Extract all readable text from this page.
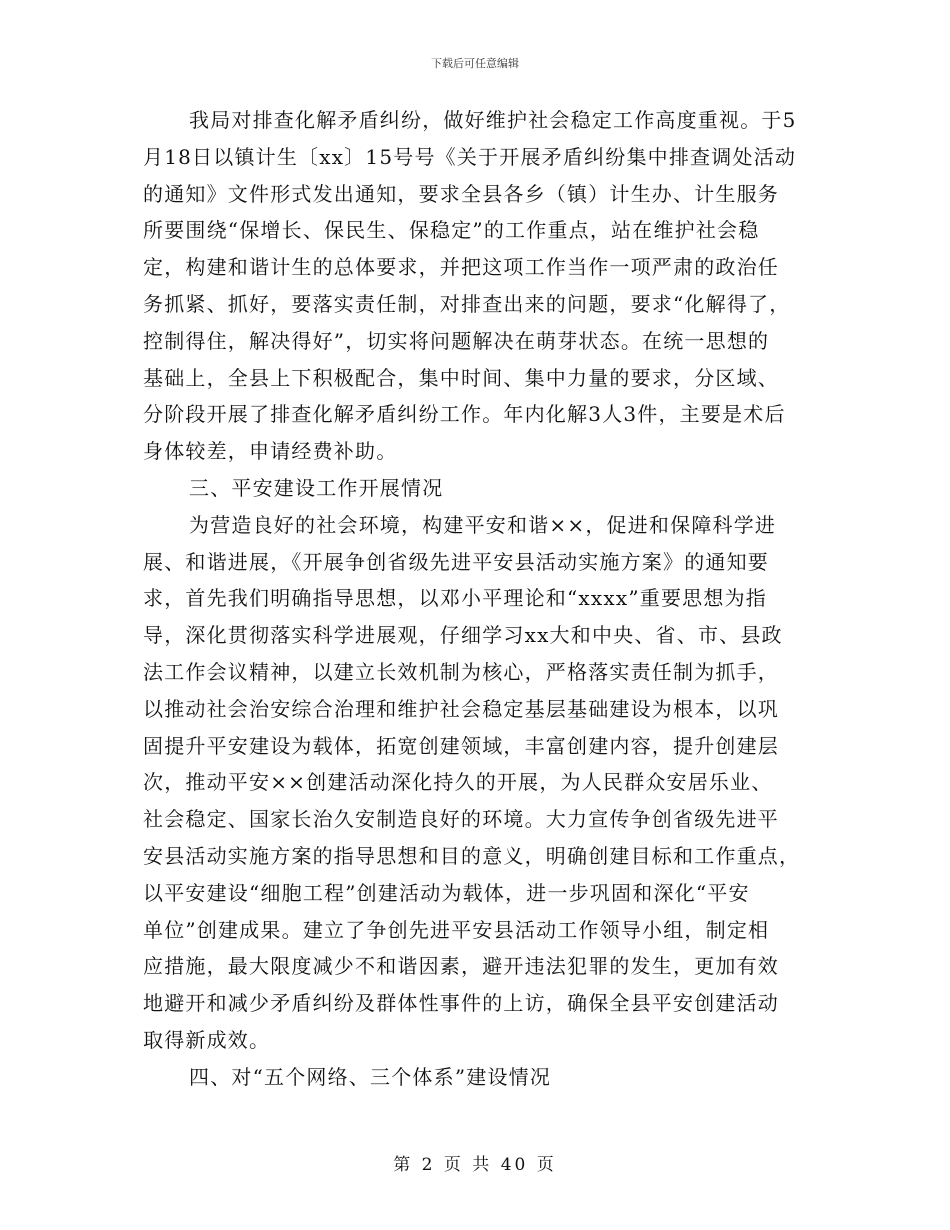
下载后可任意编辑
我局对排查化解矛盾纠纷，做好维护社会稳定工作高度重视。于5
月18日以镇计生〔xx〕15号号《关于开展矛盾纠纷集中排查调处活动
的通知》文件形式发出通知，要求全县各乡（镇）计生办、计生服务
所要围绕“保增长、保民生、保稳定”的工作重点，站在维护社会稳
定，构建和谐计生的总体要求，并把这项工作当作一项严肃的政治任
务抓紧、抓好，要落实责任制，对排查出来的问题，要求“化解得了，
控制得住，解决得好”，切实将问题解决在萌芽状态。在统一思想的
基础上，全县上下积极配合，集中时间、集中力量的要求，分区域、
分阶段开展了排查化解矛盾纠纷工作。年内化解3人3件，主要是术后
身体较差，申请经费补助。
三、平安建设工作开展情况
为营造良好的社会环境，构建平安和谐××，促进和保障科学进
展、和谐进展，《开展争创省级先进平安县活动实施方案》的通知要
求，首先我们明确指导思想，以邓小平理论和“xxxx”重要思想为指
导，深化贯彻落实科学进展观，仔细学习xx大和中央、省、市、县政
法工作会议精神，以建立长效机制为核心，严格落实责任制为抓手，
以推动社会治安综合治理和维护社会稳定基层基础建设为根本，以巩
固提升平安建设为载体，拓宽创建领域，丰富创建内容，提升创建层
次，推动平安××创建活动深化持久的开展，为人民群众安居乐业、
社会稳定、国家长治久安制造良好的环境。大力宣传争创省级先进平
安县活动实施方案的指导思想和目的意义，明确创建目标和工作重点，
以平安建设“细胞工程”创建活动为载体，进一步巩固和深化“平安
单位”创建成果。建立了争创先进平安县活动工作领导小组，制定相
应措施，最大限度减少不和谐因素，避开违法犯罪的发生，更加有效
地避开和减少矛盾纠纷及群体性事件的上访，确保全县平安创建活动
取得新成效。
四、对“五个网络、三个体系”建设情况
第 2 页 共 40 页
